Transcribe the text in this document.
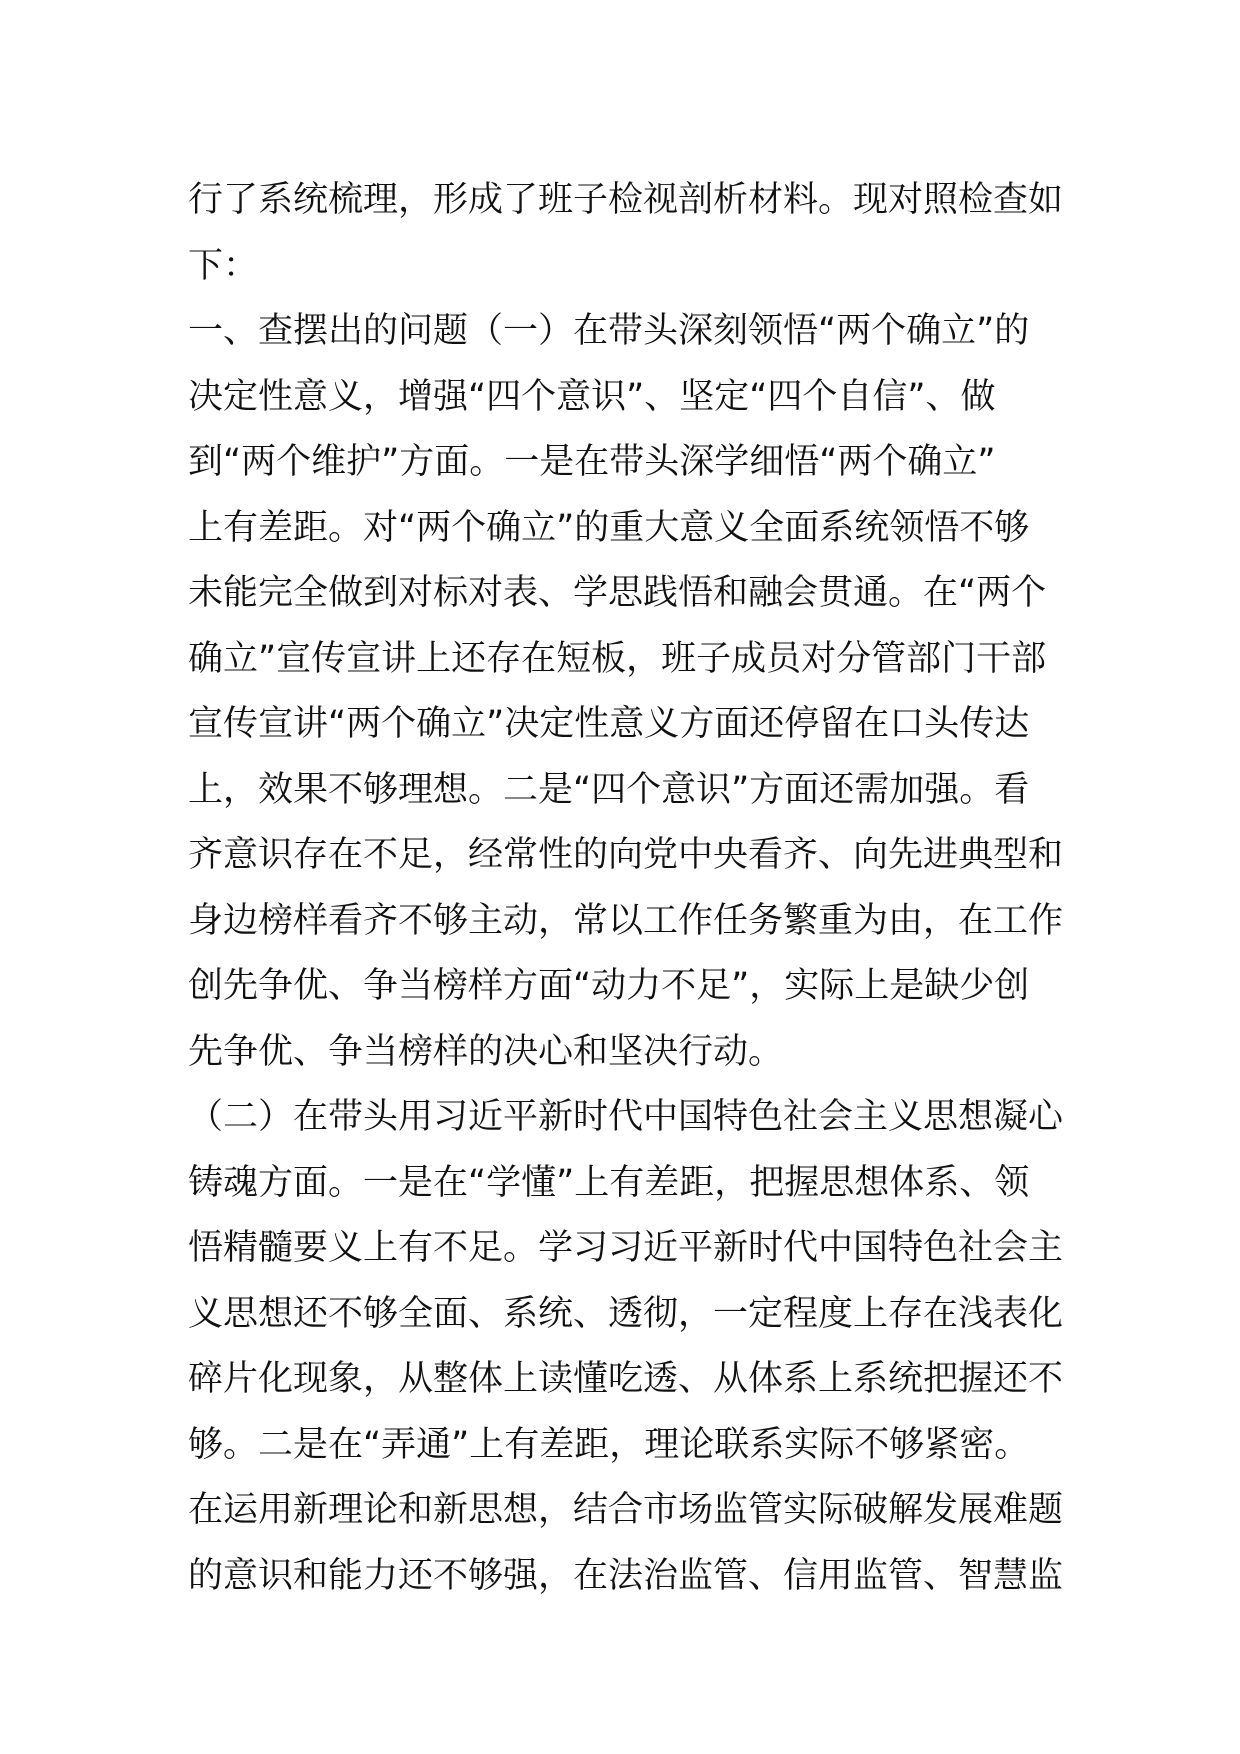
行了系统梳理，形成了班子检视剖析材料。现对照检查如
下：
一、查摆出的问题（一）在带头深刻领悟“两个确立”的
决定性意义，增强“四个意识”、坚定“四个自信”、做
到“两个维护”方面。一是在带头深学细悟“两个确立”
上有差距。对“两个确立”的重大意义全面系统领悟不够
未能完全做到对标对表、学思践悟和融会贯通。在“两个
确立”宣传宣讲上还存在短板，班子成员对分管部门干部
宣传宣讲“两个确立”决定性意义方面还停留在口头传达
上，效果不够理想。二是“四个意识”方面还需加强。看
齐意识存在不足，经常性的向党中央看齐、向先进典型和
身边榜样看齐不够主动，常以工作任务繁重为由，在工作
创先争优、争当榜样方面“动力不足”，实际上是缺少创
先争优、争当榜样的决心和坚决行动。
（二）在带头用习近平新时代中国特色社会主义思想凝心
铸魂方面。一是在“学懂”上有差距，把握思想体系、领
悟精髓要义上有不足。学习习近平新时代中国特色社会主
义思想还不够全面、系统、透彻，一定程度上存在浅表化
碎片化现象，从整体上读懂吃透、从体系上系统把握还不
够。二是在“弄通”上有差距，理论联系实际不够紧密。
在运用新理论和新思想，结合市场监管实际破解发展难题
的意识和能力还不够强，在法治监管、信用监管、智慧监
